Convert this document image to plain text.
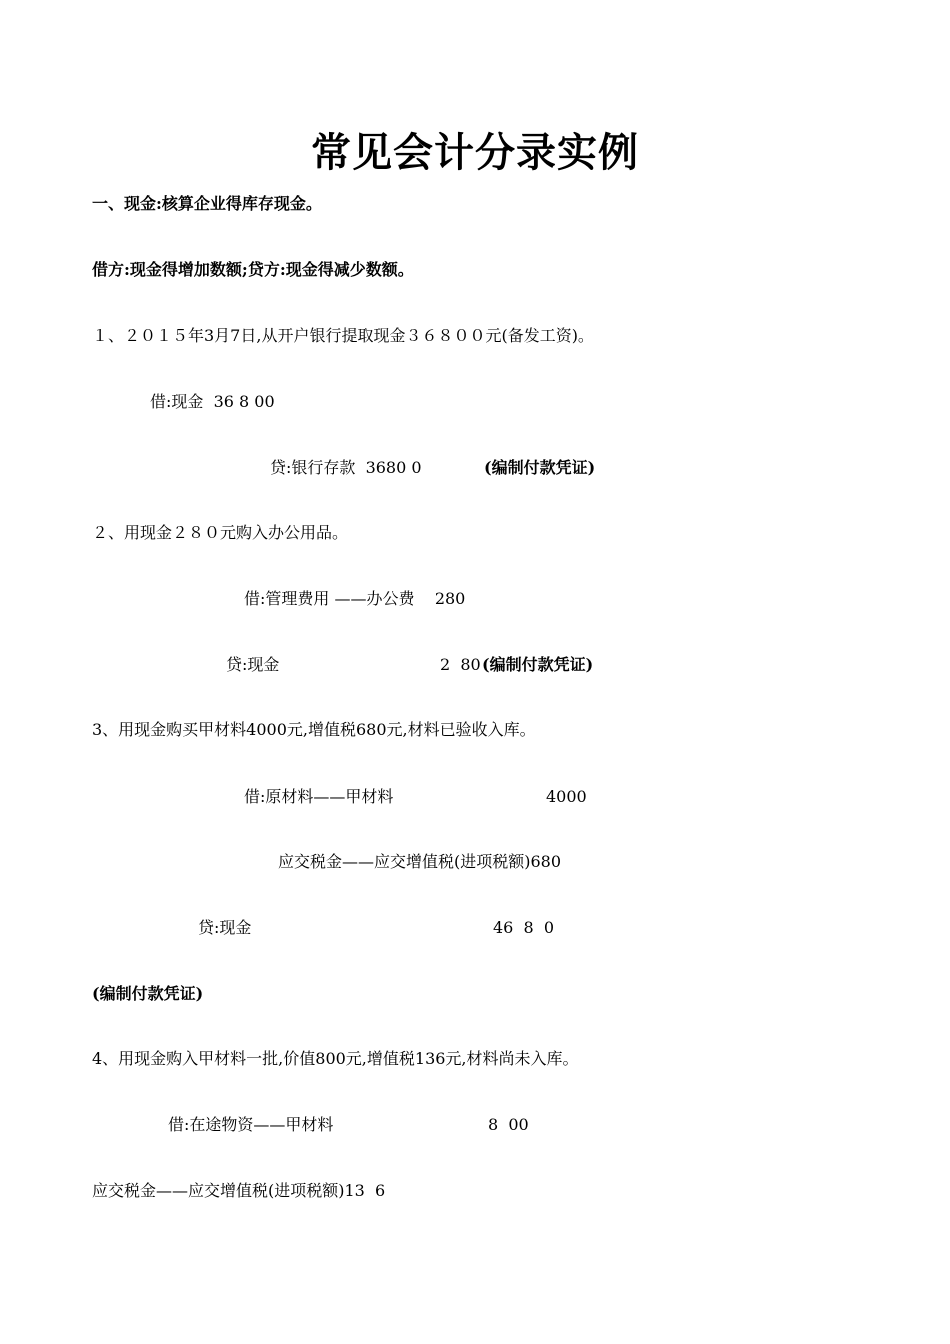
常见会计分录实例
一、现金:核算企业得库存现金。
借方:现金得增加数额;贷方:现金得减少数额。
１、２０１５年3月7日,从开户银行提取现金３６８００元(备发工资)。
借:现金  36 8 00
贷:银行存款  3680 0	(编制付款凭证)
２、用现金２８０元购入办公用品。
借:管理费用 ——办公费    280
贷:现金	2  80 (编制付款凭证)
3、用现金购买甲材料4000元,增值税680元,材料已验收入库。
借:原材料——甲材料	4000
应交税金——应交增值税(进项税额)680
贷:现金	46  8  0
(编制付款凭证)
4、用现金购入甲材料一批,价值800元,增值税136元,材料尚未入库。
借:在途物资——甲材料	8  00
应交税金——应交增值税(进项税额)13  6
